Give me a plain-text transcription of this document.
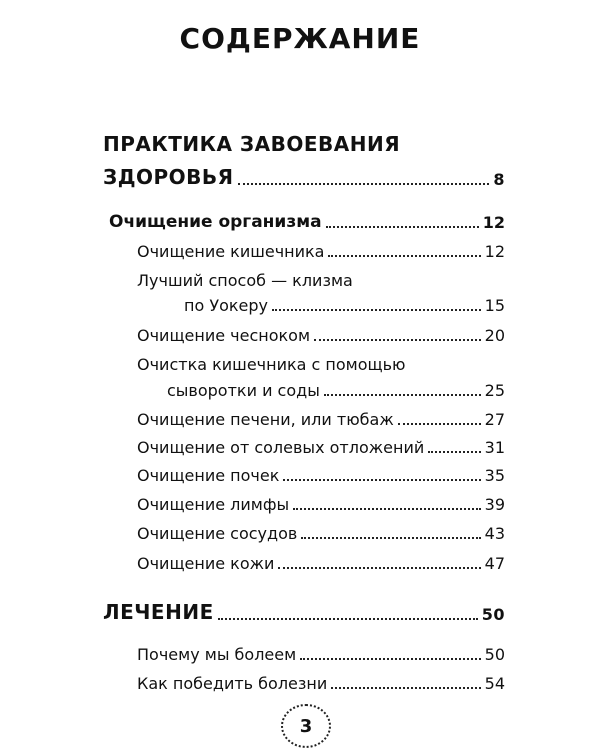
СОДЕРЖАНИЕ
ПРАКТИКА ЗАВОЕВАНИЯ
ЗДОРОВЬЯ	8
Очищение организма	12
Очищение кишечника	12
Лучший способ — клизма
по Уокеру	15
Очищение чесноком	20
Очистка кишечника с помощью
сыворотки и соды	25
Очищение печени, или тюбаж	27
Очищение от солевых отложений	31
Очищение почек	35
Очищение лимфы	39
Очищение сосудов	43
Очищение кожи	47
ЛЕЧЕНИЕ	50
Почему мы болеем	50
Как победить болезни	54
3
